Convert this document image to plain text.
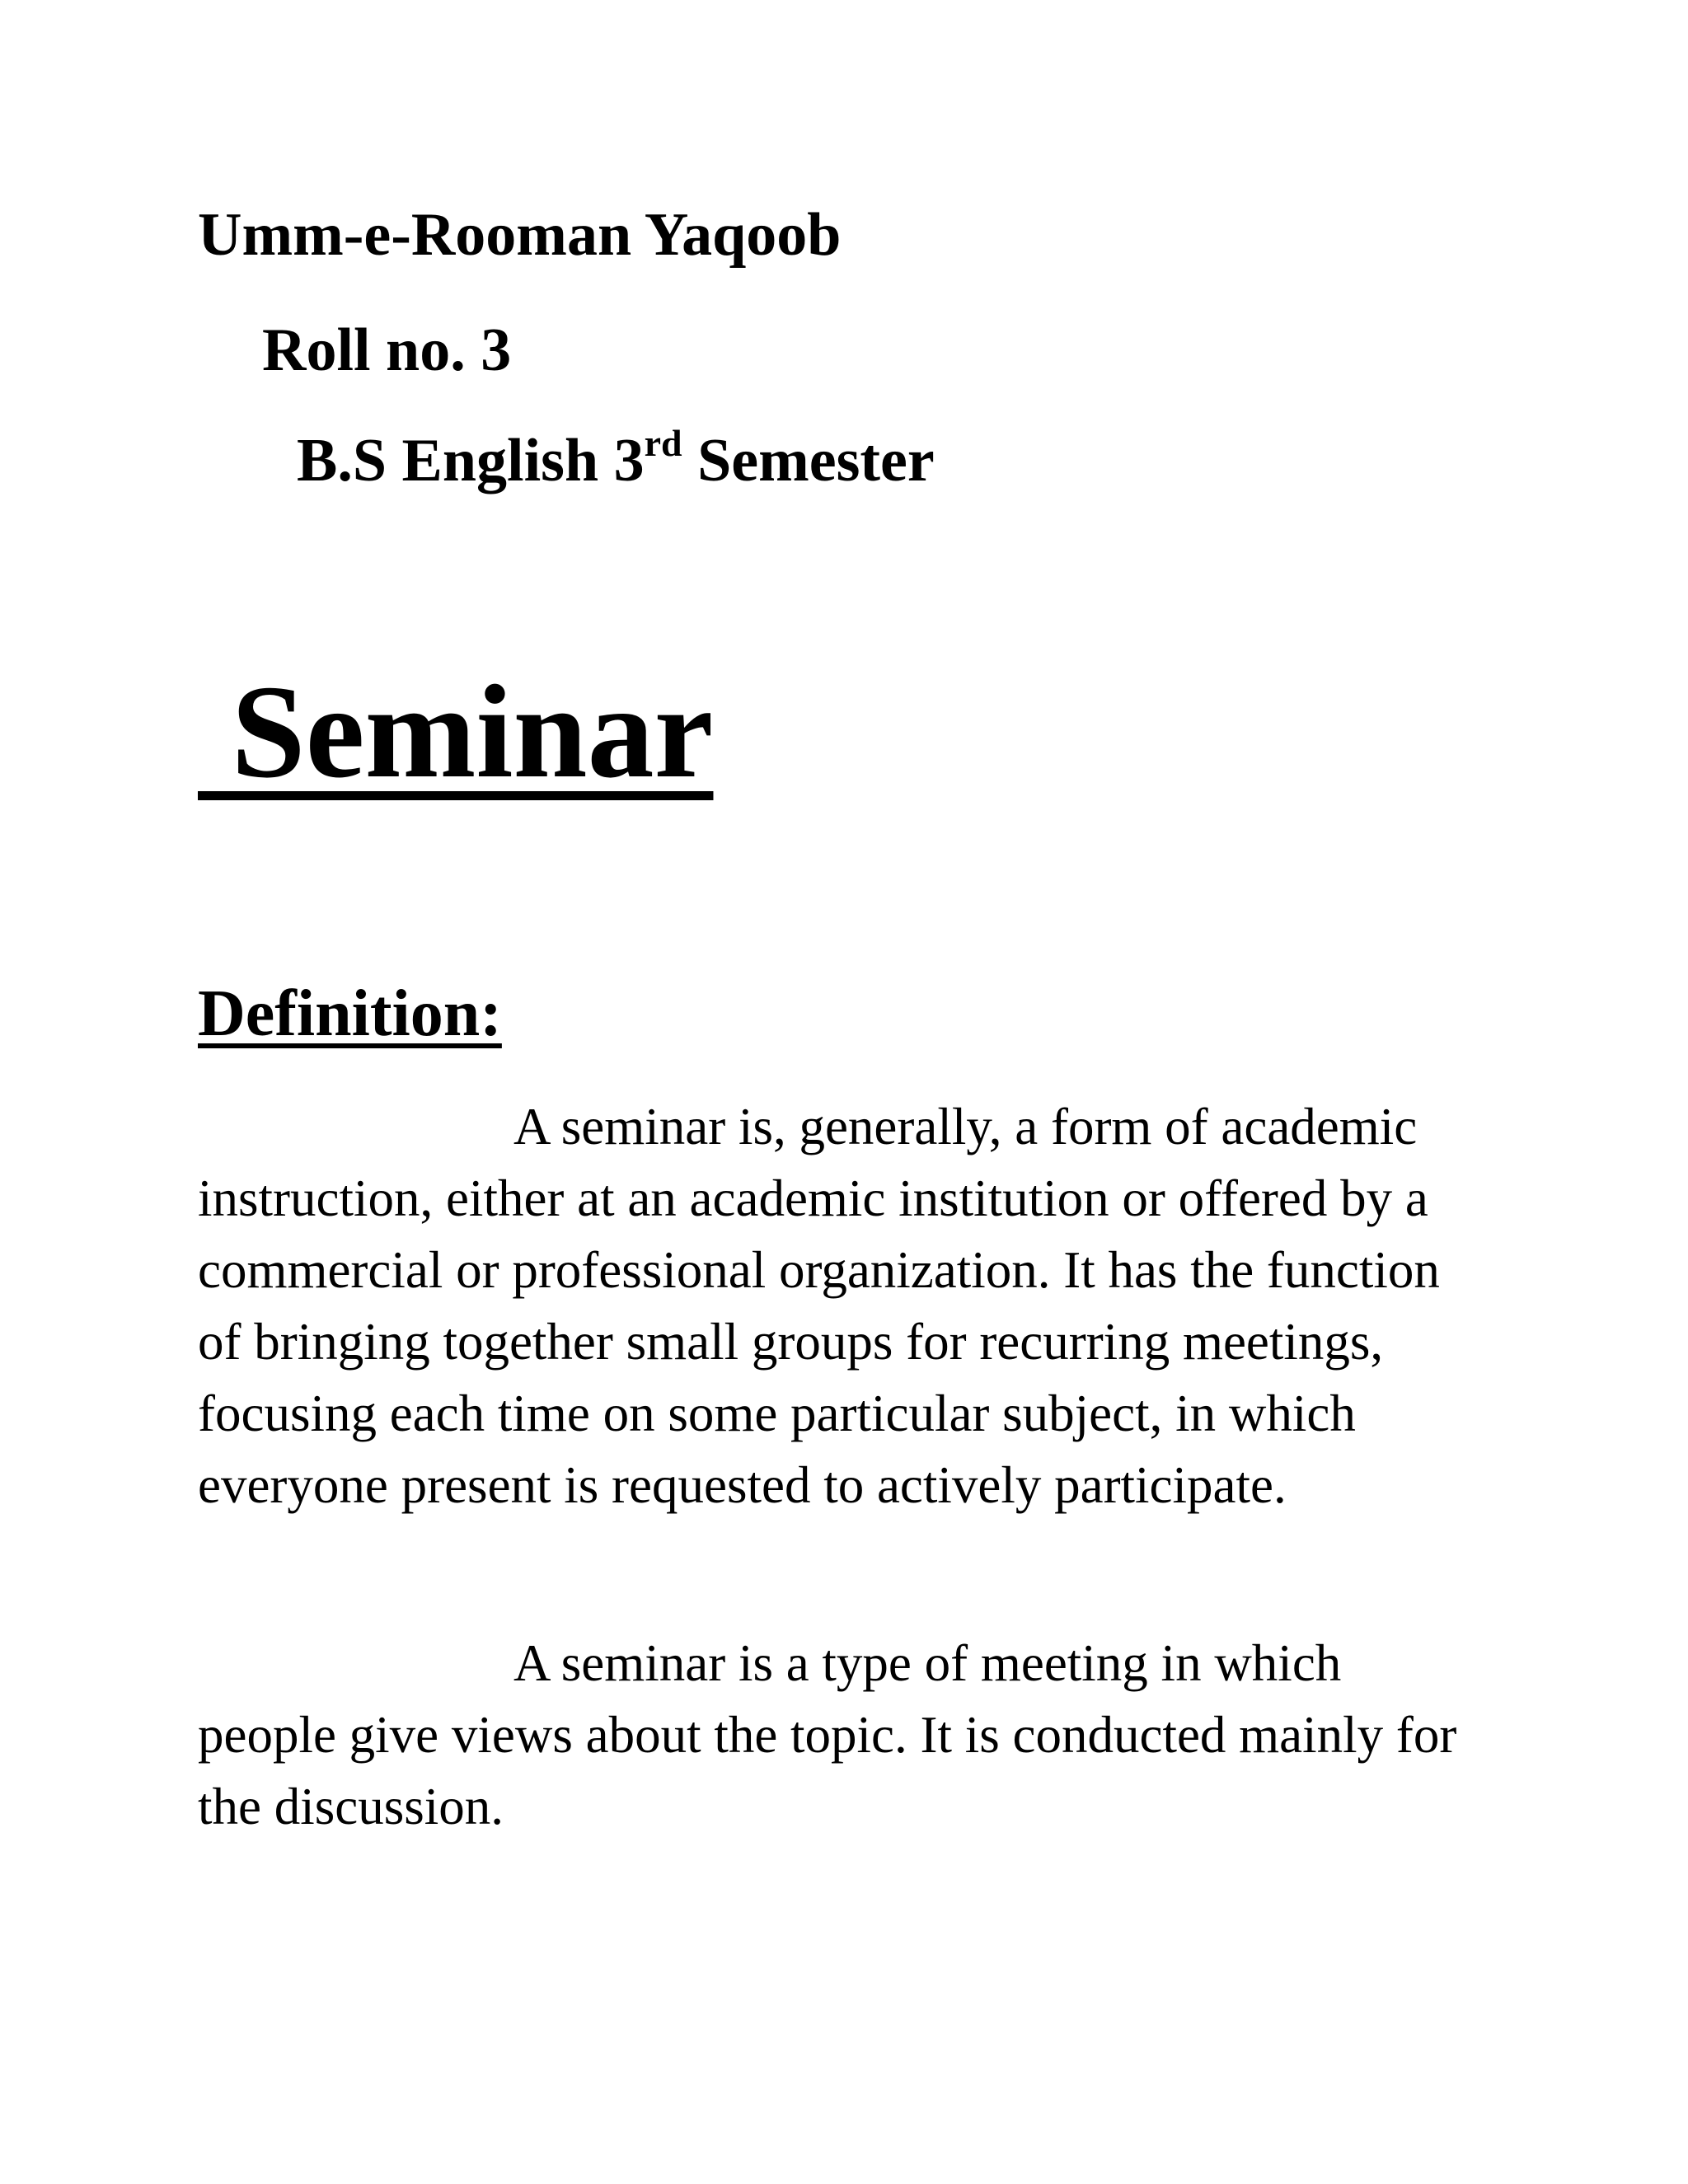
Umm-e-Rooman Yaqoob

Roll no. 3

B.S English 3rd Semester

Seminar
Definition:

A seminar is, generally, a form of academic instruction, either at an academic institution or offered by a commercial or professional organization. It has the function of bringing together small groups for recurring meetings, focusing each time on some particular subject, in which everyone present is requested to actively participate.

A seminar is a type of meeting in which people give views about the topic. It is conducted mainly for the discussion.
